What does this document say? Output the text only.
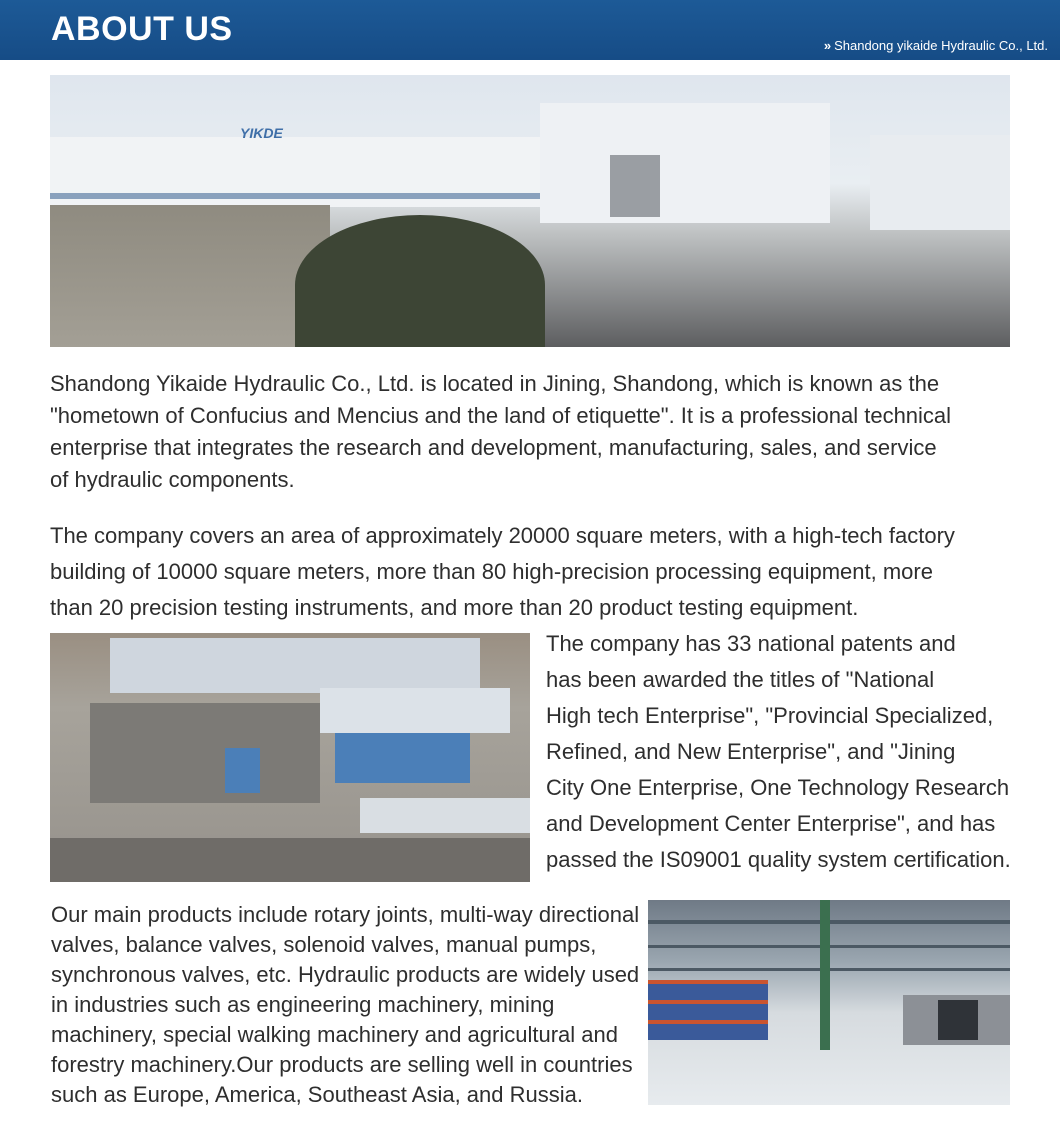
ABOUT US	» Shandong yikaide Hydraulic Co., Ltd.
YIKDE
Shandong Yikaide Hydraulic Co., Ltd. is located in Jining, Shandong, which is known as the
"hometown of Confucius and Mencius and the land of etiquette". It is a professional technical
enterprise that integrates the research and development, manufacturing, sales, and service
of hydraulic components.
The company covers an area of approximately 20000 square meters, with a high-tech factory
building of 10000 square meters, more than 80 high-precision processing equipment, more
than 20 precision testing instruments, and more than 20 product testing equipment.
The company has 33 national patents and
has been awarded the titles of "National
High tech Enterprise", "Provincial Specialized,
Refined, and New Enterprise", and "Jining
City One Enterprise, One Technology Research
and Development Center Enterprise", and has
passed the IS09001 quality system certification.
Our main products include rotary joints, multi-way directional
valves, balance valves, solenoid valves, manual pumps,
synchronous valves, etc. Hydraulic products are widely used
in industries such as engineering machinery, mining
machinery, special walking machinery and agricultural and
forestry machinery.Our products are selling well in countries
such as Europe, America, Southeast Asia, and Russia.
